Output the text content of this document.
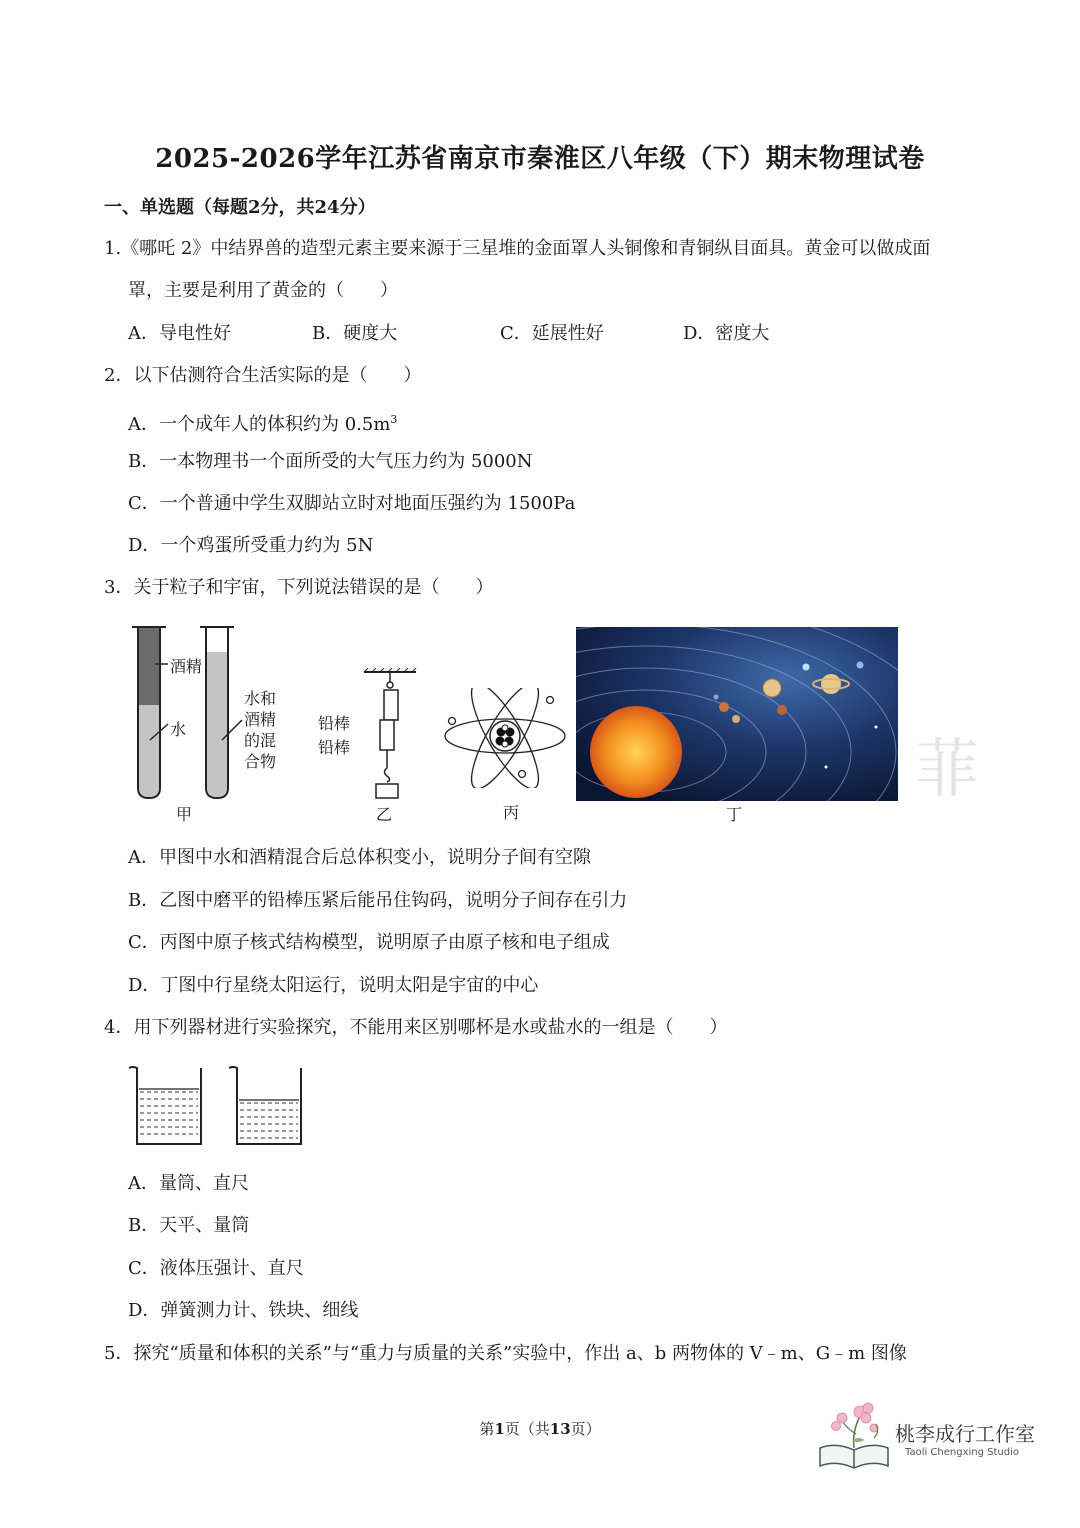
2025-2026学年江苏省南京市秦淮区八年级（下）期末物理试卷
一、单选题（每题2分，共24分）
1.《哪吒 2》中结界兽的造型元素主要来源于三星堆的金面罩人头铜像和青铜纵目面具。黄金可以做成面
罩，主要是利用了黄金的（　　）
A．导电性好	B．硬度大	C．延展性好	D．密度大
2．以下估测符合生活实际的是（　　）
A．一个成年人的体积约为 $0.5m^3$
B．一本物理书一个面所受的大气压力约为 5000N
C．一个普通中学生双脚站立时对地面压强约为 1500Pa
D．一个鸡蛋所受重力约为 5N
3．关于粒子和宇宙，下列说法错误的是（　　）
酒精
水
水和
酒精
的混
合物
甲
铅棒
铅棒
乙	丙
菲
丁
A．甲图中水和酒精混合后总体积变小，说明分子间有空隙
B．乙图中磨平的铅棒压紧后能吊住钩码，说明分子间存在引力
C．丙图中原子核式结构模型，说明原子由原子核和电子组成
D．丁图中行星绕太阳运行，说明太阳是宇宙的中心
4．用下列器材进行实验探究，不能用来区别哪杯是水或盐水的一组是（　　）
A．量筒、直尺
B．天平、量筒
C．液体压强计、直尺
D．弹簧测力计、铁块、细线
5．探究“质量和体积的关系”与“重力与质量的关系”实验中，作出 a、b 两物体的 V﹣m、G﹣m 图像
第1页（共13页）	桃李成行工作室
Taoli Chengxing Studio
